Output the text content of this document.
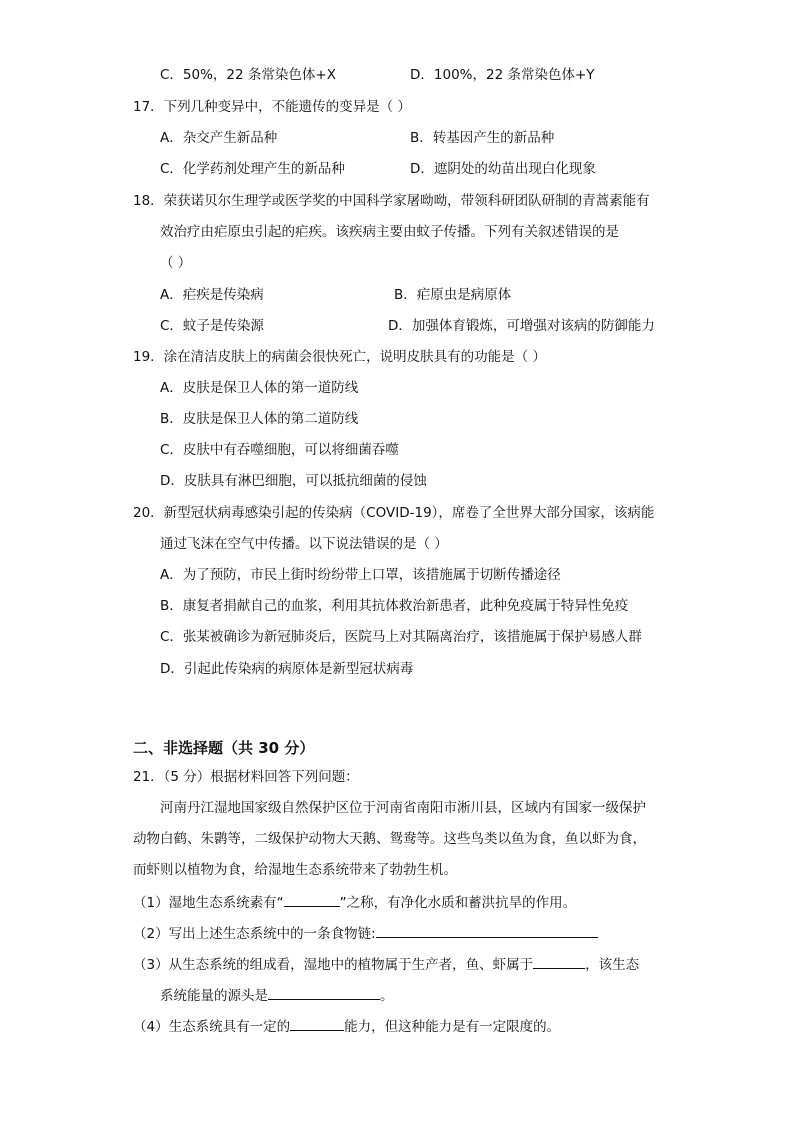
C．50%，22 条常染色体+X	D．100%，22 条常染色体+Y
17．下列几种变异中，不能遗传的变异是（ ）
A．杂交产生新品种	B．转基因产生的新品种
C．化学药剂处理产生的新品种	D．遮阴处的幼苗出现白化现象
18．荣获诺贝尔生理学或医学奖的中国科学家屠呦呦，带领科研团队研制的青蒿素能有
效治疗由疟原虫引起的疟疾。该疾病主要由蚊子传播。下列有关叙述错误的是
（ ）
A．疟疾是传染病	B．疟原虫是病原体
C．蚊子是传染源	D．加强体育锻炼，可增强对该病的防御能力
19．涂在清洁皮肤上的病菌会很快死亡，说明皮肤具有的功能是（ ）
A．皮肤是保卫人体的第一道防线
B．皮肤是保卫人体的第二道防线
C．皮肤中有吞噬细胞，可以将细菌吞噬
D．皮肤具有淋巴细胞，可以抵抗细菌的侵蚀
20．新型冠状病毒感染引起的传染病（COVID-19），席卷了全世界大部分国家，该病能
通过飞沫在空气中传播。以下说法错误的是（ ）
A．为了预防，市民上街时纷纷带上口罩，该措施属于切断传播途径
B．康复者捐献自己的血浆，利用其抗体救治新患者，此种免疫属于特异性免疫
C．张某被确诊为新冠肺炎后，医院马上对其隔离治疗，该措施属于保护易感人群
D．引起此传染病的病原体是新型冠状病毒
二、非选择题（共 30 分）
21．（5 分）根据材料回答下列问题：
河南丹江湿地国家级自然保护区位于河南省南阳市淅川县，区域内有国家一级保护
动物白鹤、朱鹮等，二级保护动物大天鹅、鸳鸯等。这些鸟类以鱼为食，鱼以虾为食，
而虾则以植物为食，给湿地生态系统带来了勃勃生机。
（1）湿地生态系统素有“	”之称，有净化水质和蓄洪抗旱的作用。
（2）写出上述生态系统中的一条食物链:
（3）从生态系统的组成看，湿地中的植物属于生产者，鱼、虾属于	，该生态
系统能量的源头是	。
（4）生态系统具有一定的	能力，但这种能力是有一定限度的。
